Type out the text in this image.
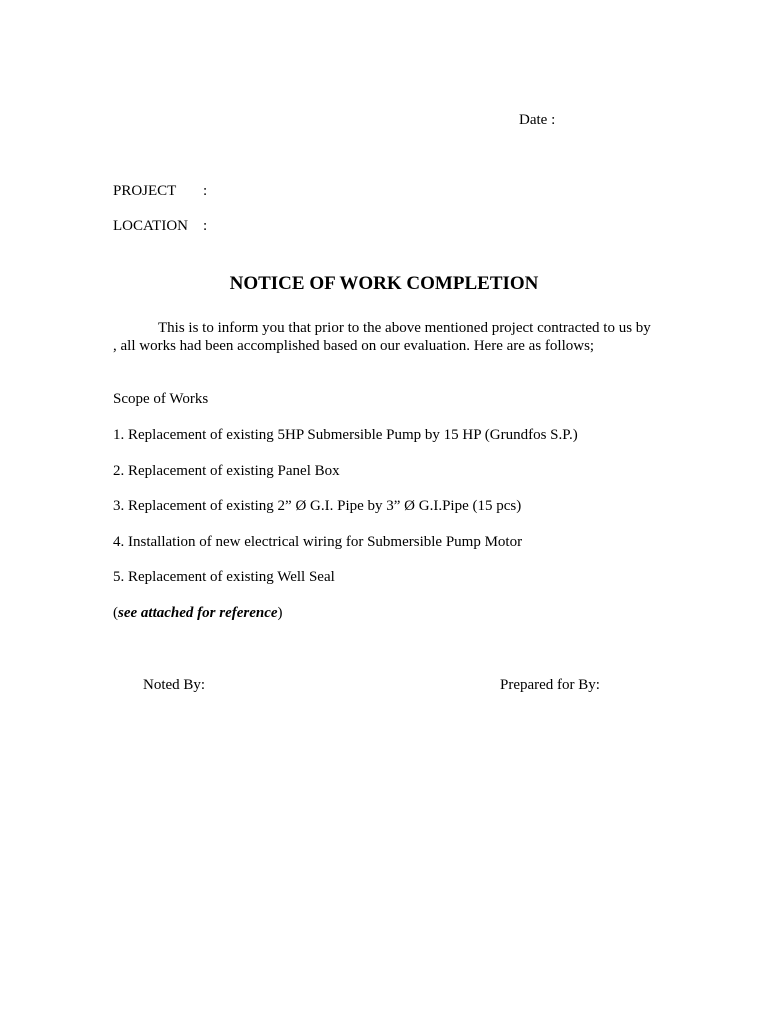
Date :
PROJECT :
LOCATION :
NOTICE OF WORK COMPLETION
This is to inform you that prior to the above mentioned project contracted to us by
, all works had been accomplished based on our evaluation. Here are as follows;
Scope of Works
1. Replacement of existing 5HP Submersible Pump by 15 HP (Grundfos S.P.)
2. Replacement of existing Panel Box
3. Replacement of existing 2” Ø G.I. Pipe by 3” Ø G.I.Pipe (15 pcs)
4. Installation of new electrical wiring for Submersible Pump Motor
5. Replacement of existing Well Seal
(see attached for reference)
Noted By:	Prepared for By:
